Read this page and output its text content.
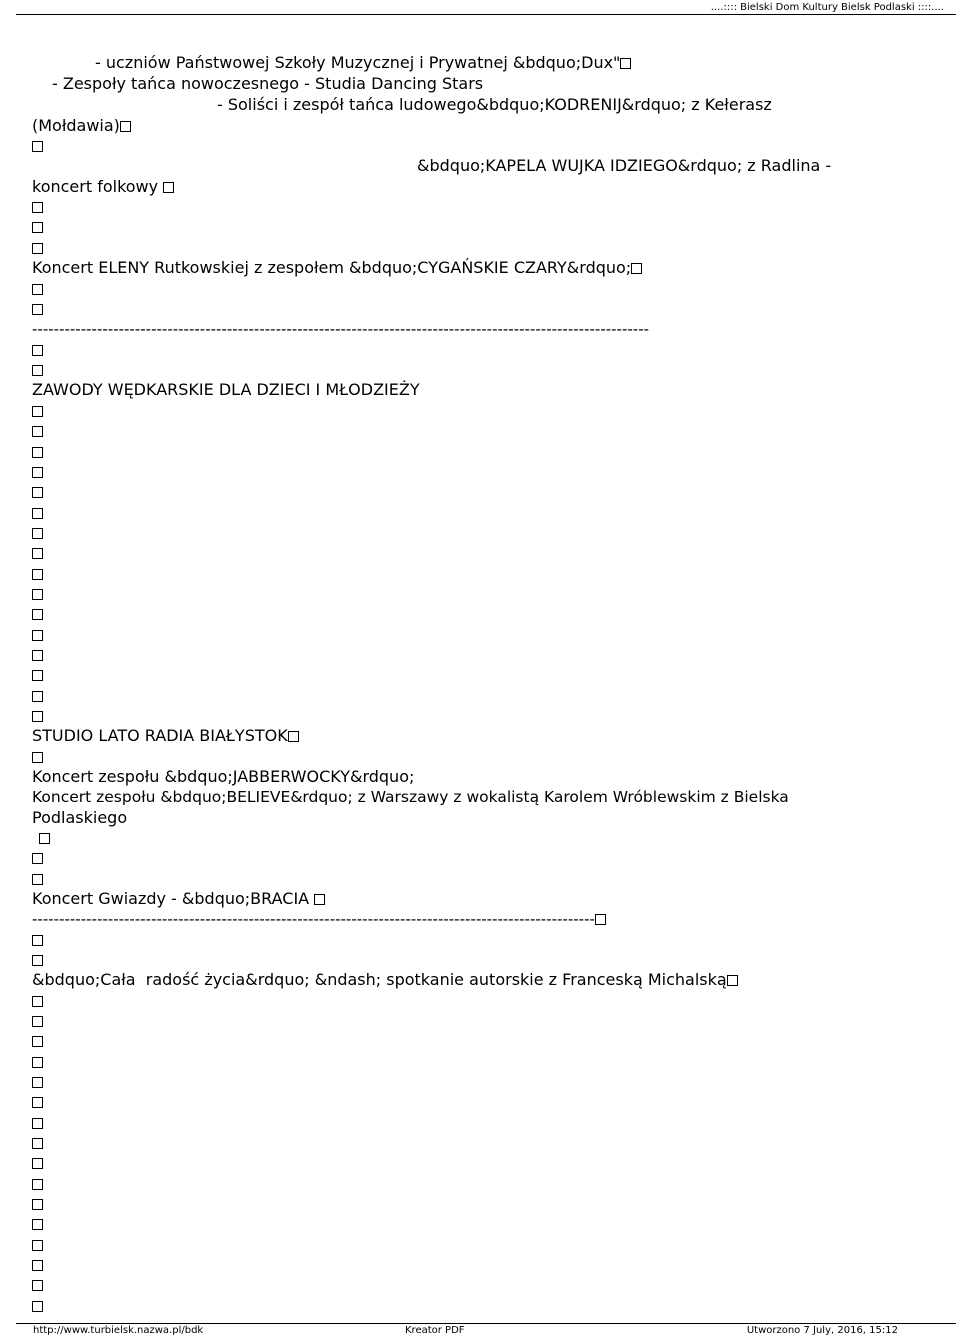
....:::: Bielski Dom Kultury Bielsk Podlaski ::::....
- uczniów Państwowej Szkoły Muzycznej i Prywatnej &bdquo;Dux"
- Zespoły tańca nowoczesnego - Studia Dancing Stars
- Soliści i zespół tańca ludowego&bdquo;KODRENIJ&rdquo; z Kełerasz
(Mołdawia)
&bdquo;KAPELA WUJKA IDZIEGO&rdquo; z Radlina -
koncert folkowy
Koncert ELENY Rutkowskiej z zespołem &bdquo;CYGAŃSKIE CZARY&rdquo;
------------------------------------------------------------------------------------------------------------------
ZAWODY WĘDKARSKIE DLA DZIECI I MŁODZIEŻY
STUDIO LATO RADIA BIAŁYSTOK
Koncert zespołu &bdquo;JABBERWOCKY&rdquo;
Koncert zespołu &bdquo;BELIEVE&rdquo; z Warszawy z wokalistą Karolem Wróblewskim z Bielska
Podlaskiego
Koncert Gwiazdy - &bdquo;BRACIA
--------------------------------------------------------------------------------------------------------
&bdquo;Cała  radość życia&rdquo; &ndash; spotkanie autorskie z Franceską Michalską
http://www.turbielsk.nazwa.pl/bdk	Kreator PDF	Utworzono 7 July, 2016, 15:12
